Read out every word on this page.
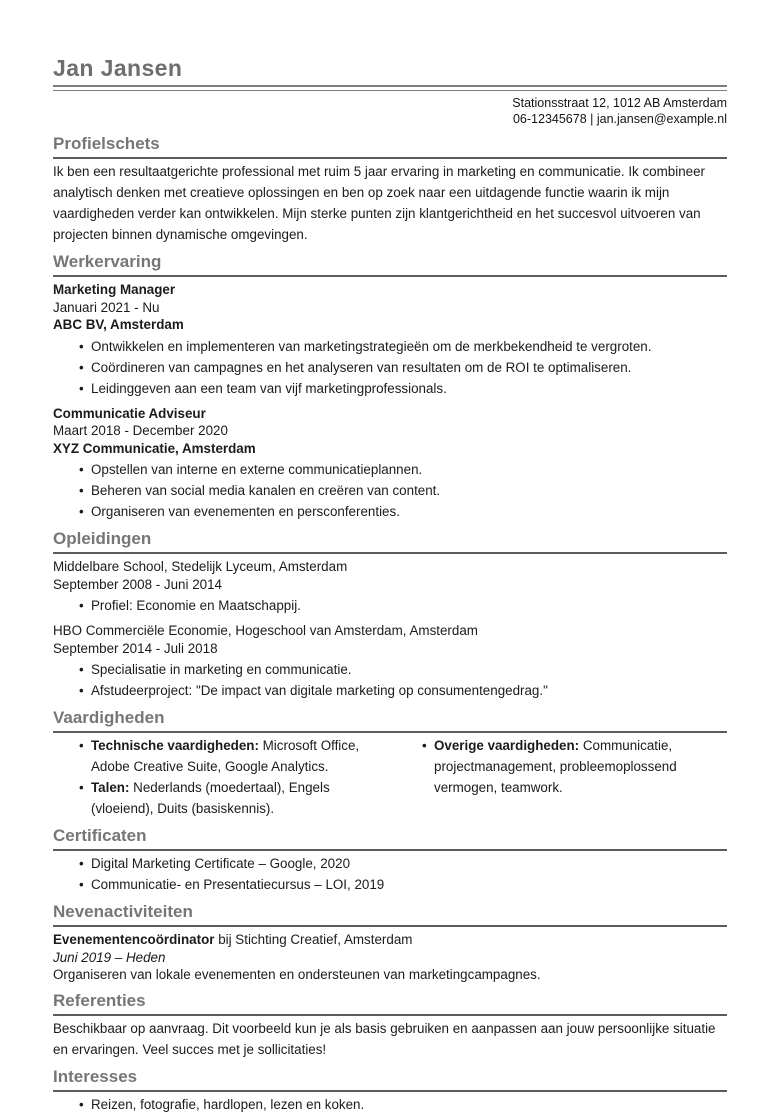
Jan Jansen
Stationsstraat 12, 1012 AB Amsterdam
06-12345678 | jan.jansen@example.nl
Profielschets

Ik ben een resultaatgerichte professional met ruim 5 jaar ervaring in marketing en communicatie. Ik combineer analytisch denken met creatieve oplossingen en ben op zoek naar een uitdagende functie waarin ik mijn vaardigheden verder kan ontwikkelen. Mijn sterke punten zijn klantgerichtheid en het succesvol uitvoeren van projecten binnen dynamische omgevingen.

Werkervaring
Marketing Manager
Januari 2021 - Nu
ABC BV, Amsterdam
• Ontwikkelen en implementeren van marketingstrategieën om de merkbekendheid te vergroten.
• Coördineren van campagnes en het analyseren van resultaten om de ROI te optimaliseren.
• Leidinggeven aan een team van vijf marketingprofessionals.
Communicatie Adviseur
Maart 2018 - December 2020
XYZ Communicatie, Amsterdam
• Opstellen van interne en externe communicatieplannen.
• Beheren van social media kanalen en creëren van content.
• Organiseren van evenementen en persconferenties.
Opleidingen
Middelbare School, Stedelijk Lyceum, Amsterdam
September 2008 - Juni 2014
• Profiel: Economie en Maatschappij.
HBO Commerciële Economie, Hogeschool van Amsterdam, Amsterdam
September 2014 - Juli 2018
• Specialisatie in marketing en communicatie.
• Afstudeerproject: "De impact van digitale marketing op consumentengedrag."
Vaardigheden
• Technische vaardigheden: Microsoft Office, Adobe Creative Suite, Google Analytics.
• Talen: Nederlands (moedertaal), Engels (vloeiend), Duits (basiskennis).
• Overige vaardigheden: Communicatie, projectmanagement, probleemoplossend vermogen, teamwork.
Certificaten
• Digital Marketing Certificate – Google, 2020
• Communicatie- en Presentatiecursus – LOI, 2019
Nevenactiviteiten
Evenementencoördinator bij Stichting Creatief, Amsterdam
Juni 2019 – Heden
Organiseren van lokale evenementen en ondersteunen van marketingcampagnes.
Referenties

Beschikbaar op aanvraag. Dit voorbeeld kun je als basis gebruiken en aanpassen aan jouw persoonlijke situatie en ervaringen. Veel succes met je sollicitaties!

Interesses
• Reizen, fotografie, hardlopen, lezen en koken.
